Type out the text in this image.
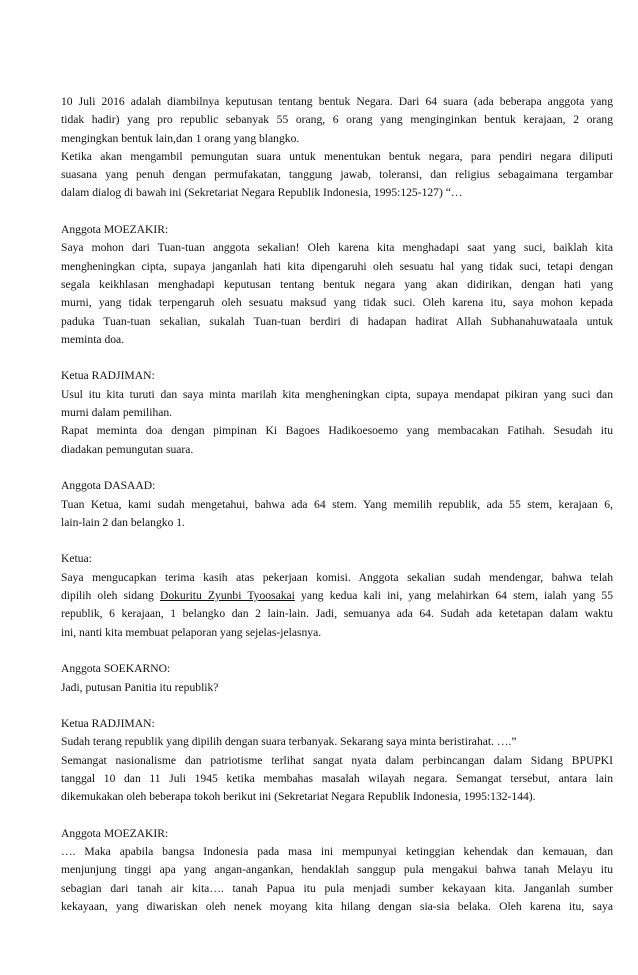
10 Juli 2016 adalah diambilnya keputusan tentang bentuk Negara. Dari 64 suara (ada beberapa anggota yang
tidak hadir) yang pro republic sebanyak 55 orang, 6 orang yang menginginkan bentuk kerajaan, 2 orang
mengingkan bentuk lain,dan 1 orang yang blangko.
Ketika akan mengambil pemungutan suara untuk menentukan bentuk negara, para pendiri negara diliputi
suasana yang penuh dengan permufakatan, tanggung jawab, toleransi, dan religius sebagaimana tergambar
dalam dialog di bawah ini (Sekretariat Negara Republik Indonesia, 1995:125-127) “…
Anggota MOEZAKIR:
Saya mohon dari Tuan-tuan anggota sekalian! Oleh karena kita menghadapi saat yang suci, baiklah kita
mengheningkan cipta, supaya janganlah hati kita dipengaruhi oleh sesuatu hal yang tidak suci, tetapi dengan
segala keikhlasan menghadapi keputusan tentang bentuk negara yang akan didirikan, dengan hati yang
murni, yang tidak terpengaruh oleh sesuatu maksud yang tidak suci. Oleh karena itu, saya mohon kepada
paduka Tuan-tuan sekalian, sukalah Tuan-tuan berdiri di hadapan hadirat Allah Subhanahuwataala untuk
meminta doa.
Ketua RADJIMAN:
Usul itu kita turuti dan saya minta marilah kita mengheningkan cipta, supaya mendapat pikiran yang suci dan
murni dalam pemilihan.
Rapat meminta doa dengan pimpinan Ki Bagoes Hadikoesoemo yang membacakan Fatihah. Sesudah itu
diadakan pemungutan suara.
Anggota DASAAD:
Tuan Ketua, kami sudah mengetahui, bahwa ada 64 stem. Yang memilih republik, ada 55 stem, kerajaan 6,
lain-lain 2 dan belangko 1.
Ketua:
Saya mengucapkan terima kasih atas pekerjaan komisi. Anggota sekalian sudah mendengar, bahwa telah
dipilih oleh sidang Dokuritu Zyunbi Tyoosakai yang kedua kali ini, yang melahirkan 64 stem, ialah yang 55
republik, 6 kerajaan, 1 belangko dan 2 lain-lain. Jadi, semuanya ada 64. Sudah ada ketetapan dalam waktu
ini, nanti kita membuat pelaporan yang sejelas-jelasnya.
Anggota SOEKARNO:
Jadi, putusan Panitia itu republik?
Ketua RADJIMAN:
Sudah terang republik yang dipilih dengan suara terbanyak. Sekarang saya minta beristirahat. ….”
Semangat nasionalisme dan patriotisme terlihat sangat nyata dalam perbincangan dalam Sidang BPUPKI
tanggal 10 dan 11 Juli 1945 ketika membahas masalah wilayah negara. Semangat tersebut, antara lain
dikemukakan oleh beberapa tokoh berikut ini (Sekretariat Negara Republik Indonesia, 1995:132-144).
Anggota MOEZAKIR:
…. Maka apabila bangsa Indonesia pada masa ini mempunyai ketinggian kehendak dan kemauan, dan
menjunjung tinggi apa yang angan-angankan, hendaklah sanggup pula mengakui bahwa tanah Melayu itu
sebagian dari tanah air kita…. tanah Papua itu pula menjadi sumber kekayaan kita. Janganlah sumber
kekayaan, yang diwariskan oleh nenek moyang kita hilang dengan sia-sia belaka. Oleh karena itu, saya
